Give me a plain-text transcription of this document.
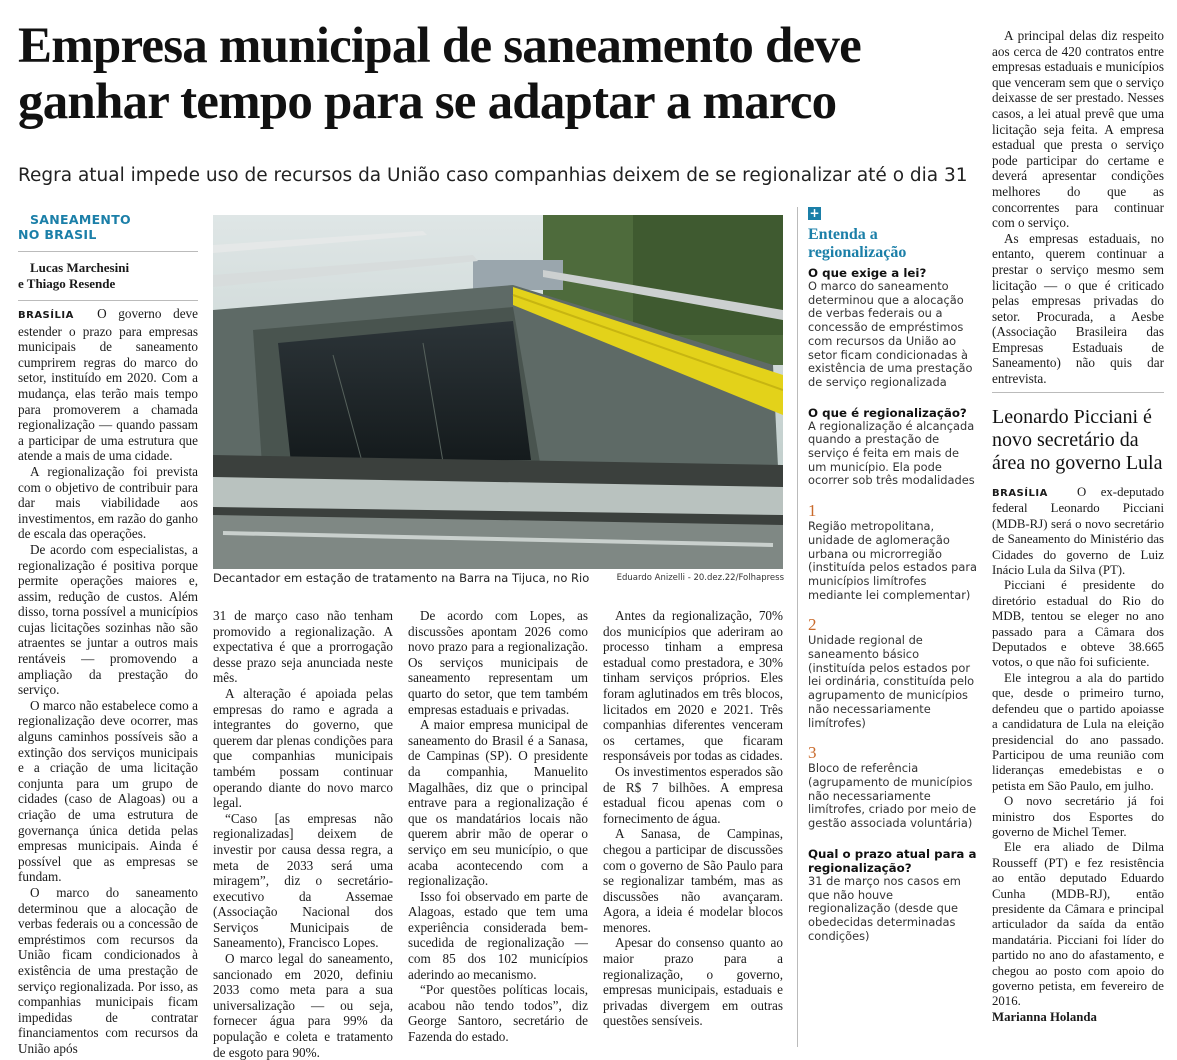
Empresa municipal de saneamento deve ganhar tempo para se adaptar a marco

Regra atual impede uso de recursos da União caso companhias deixem de se regionalizar até o dia 31

SANEAMENTO
NO BRASIL

Lucas Marchesini
e Thiago Resende

BRASÍLIA O governo deve estender o prazo para empresas municipais de saneamento cumprirem regras do marco do setor, instituído em 2020. Com a mudança, elas terão mais tempo para promoverem a chamada regionalização — quando passam a participar de uma estrutura que atende a mais de uma cidade.

A regionalização foi prevista com o objetivo de contribuir para dar mais viabilidade aos investimentos, em razão do ganho de escala das operações.

De acordo com especialistas, a regionalização é positiva porque permite operações maiores e, assim, redução de custos. Além disso, torna possível a municípios cujas licitações sozinhas não são atraentes se juntar a outros mais rentáveis — promovendo a ampliação da prestação do serviço.

O marco não estabelece como a regionalização deve ocorrer, mas alguns caminhos possíveis são a extinção dos serviços municipais e a criação de uma licitação conjunta para um grupo de cidades (caso de Alagoas) ou a criação de uma estrutura de governança única detida pelas empresas municipais. Ainda é possível que as empresas se fundam.

O marco do saneamento determinou que a alocação de verbas federais ou a concessão de empréstimos com recursos da União ficam condicionados à existência de uma prestação de serviço regionalizada. Por isso, as companhias municipais ficam impedidas de contratar financiamentos com recursos da União após

Decantador em estação de tratamento na Barra na Tijuca, no Rio	Eduardo Anizelli - 20.dez.22/Folhapress

31 de março caso não tenham promovido a regionalização. A expectativa é que a prorrogação desse prazo seja anunciada neste mês.

A alteração é apoiada pelas empresas do ramo e agrada a integrantes do governo, que querem dar plenas condições para que companhias municipais também possam continuar operando diante do novo marco legal.

“Caso [as empresas não regionalizadas] deixem de investir por causa dessa regra, a meta de 2033 será uma miragem”, diz o secretário-executivo da Assemae (Associação Nacional dos Serviços Municipais de Saneamento), Francisco Lopes.

O marco legal do saneamento, sancionado em 2020, definiu 2033 como meta para a sua universalização — ou seja, fornecer água para 99% da população e coleta e tratamento de esgoto para 90%.

De acordo com Lopes, as discussões apontam 2026 como novo prazo para a regionalização. Os serviços municipais de saneamento representam um quarto do setor, que tem também empresas estaduais e privadas.

A maior empresa municipal de saneamento do Brasil é a Sanasa, de Campinas (SP). O presidente da companhia, Manuelito Magalhães, diz que o principal entrave para a regionalização é que os mandatários locais não querem abrir mão de operar o serviço em seu município, o que acaba acontecendo com a regionalização.

Isso foi observado em parte de Alagoas, estado que tem uma experiência considerada bem-sucedida de regionalização — com 85 dos 102 municípios aderindo ao mecanismo.

“Por questões políticas locais, acabou não tendo todos”, diz George Santoro, secretário de Fazenda do estado.

Antes da regionalização, 70% dos municípios que aderiram ao processo tinham a empresa estadual como prestadora, e 30% tinham serviços próprios. Eles foram aglutinados em três blocos, licitados em 2020 e 2021. Três companhias diferentes venceram os certames, que ficaram responsáveis por todas as cidades.

Os investimentos esperados são de R$ 7 bilhões. A empresa estadual ficou apenas com o fornecimento de água.

A Sanasa, de Campinas, chegou a participar de discussões com o governo de São Paulo para se regionalizar também, mas as discussões não avançaram. Agora, a ideia é modelar blocos menores.

Apesar do consenso quanto ao maior prazo para a regionalização, o governo, empresas municipais, estaduais e privadas divergem em outras questões sensíveis.

+

Entenda a regionalização

O que exige a lei?

O marco do saneamento determinou que a alocação de verbas federais ou a concessão de empréstimos com recursos da União ao setor ficam condicionadas à existência de uma prestação de serviço regionalizada

O que é regionalização?

A regionalização é alcançada quando a prestação de serviço é feita em mais de um município. Ela pode ocorrer sob três modalidades

1

Região metropolitana, unidade de aglomeração urbana ou microrregião (instituída pelos estados para municípios limítrofes mediante lei complementar)

2

Unidade regional de saneamento básico (instituída pelos estados por lei ordinária, constituída pelo agrupamento de municípios não necessariamente limítrofes)

3

Bloco de referência (agrupamento de municípios não necessariamente limítrofes, criado por meio de gestão associada voluntária)

Qual o prazo atual para a regionalização?

31 de março nos casos em que não houve regionalização (desde que obedecidas determinadas condições)

A principal delas diz respeito aos cerca de 420 contratos entre empresas estaduais e municípios que venceram sem que o serviço deixasse de ser prestado. Nesses casos, a lei atual prevê que uma licitação seja feita. A empresa estadual que presta o serviço pode participar do certame e deverá apresentar condições melhores do que as concorrentes para continuar com o serviço.

As empresas estaduais, no entanto, querem continuar a prestar o serviço mesmo sem licitação — o que é criticado pelas empresas privadas do setor. Procurada, a Aesbe (Associação Brasileira das Empresas Estaduais de Saneamento) não quis dar entrevista.

Leonardo Picciani é novo secretário da área no governo Lula

BRASÍLIA O ex-deputado federal Leonardo Picciani (MDB-RJ) será o novo secretário de Saneamento do Ministério das Cidades do governo de Luiz Inácio Lula da Silva (PT).

Picciani é presidente do diretório estadual do Rio do MDB, tentou se eleger no ano passado para a Câmara dos Deputados e obteve 38.665 votos, o que não foi suficiente.

Ele integrou a ala do partido que, desde o primeiro turno, defendeu que o partido apoiasse a candidatura de Lula na eleição presidencial do ano passado. Participou de uma reunião com lideranças emedebistas e o petista em São Paulo, em julho.

O novo secretário já foi ministro dos Esportes do governo de Michel Temer.

Ele era aliado de Dilma Rousseff (PT) e fez resistência ao então deputado Eduardo Cunha (MDB-RJ), então presidente da Câmara e principal articulador da saída da então mandatária. Picciani foi líder do partido no ano do afastamento, e chegou ao posto com apoio do governo petista, em fevereiro de 2016.

Marianna Holanda
